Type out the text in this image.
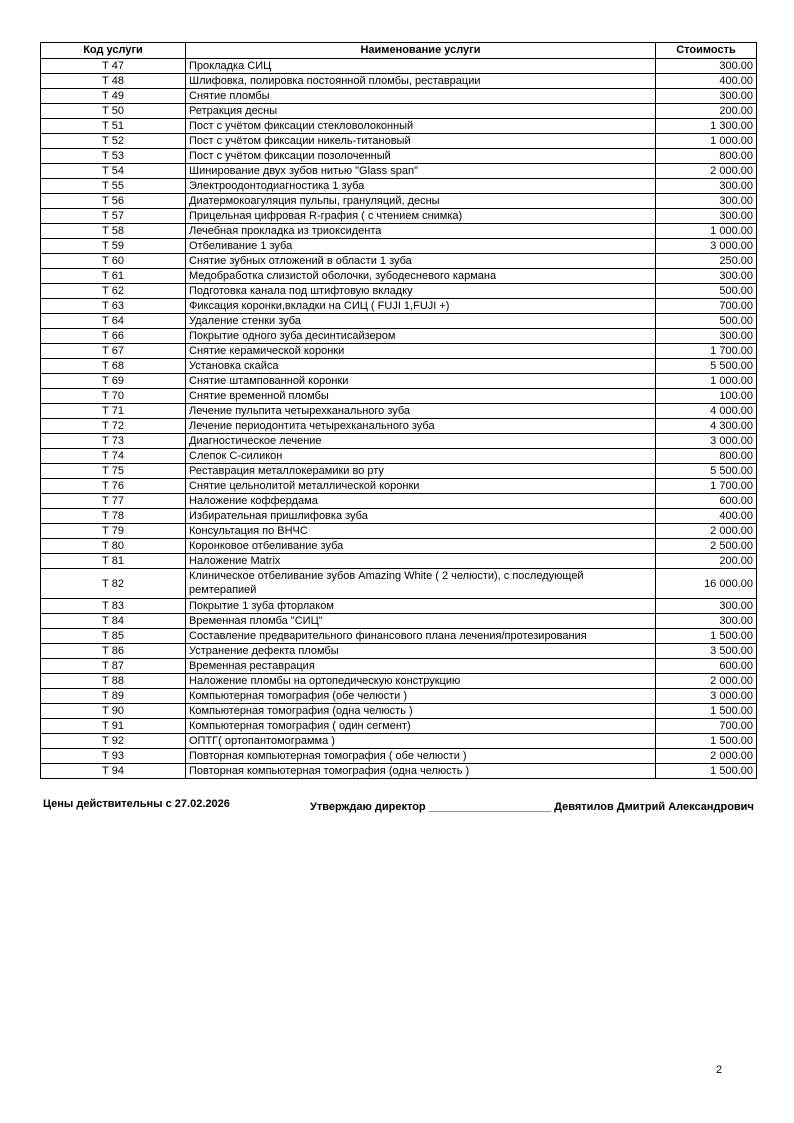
Код услуги	Наименование услуги	Стоимость
Т 47	Прокладка СИЦ	300.00
Т 48	Шлифовка, полировка постоянной пломбы, реставрации	400.00
Т 49	Снятие пломбы	300.00
Т 50	Ретракция десны	200.00
Т 51	Пост с учётом фиксации стекловолоконный	1 300.00
Т 52	Пост с учётом фиксации никель-титановый	1 000.00
Т 53	Пост с учётом фиксации позолоченный	800.00
Т 54	Шинирование двух зубов нитью "Glass span"	2 000.00
Т 55	Электроодонтодиагностика 1 зуба	300.00
Т 56	Диатермокоагуляция пульпы, грануляций, десны	300.00
Т 57	Прицельная цифровая R-графия ( с чтением снимка)	300.00
Т 58	Лечебная прокладка из триоксидента	1 000.00
Т 59	Отбеливание 1 зуба	3 000.00
Т 60	Снятие зубных отложений в области 1 зуба	250.00
Т 61	Медобработка слизистой оболочки, зубодесневого кармана	300.00
Т 62	Подготовка канала под штифтовую вкладку	500.00
Т 63	Фиксация коронки,вкладки на СИЦ ( FUJI 1,FUJI +)	700.00
Т 64	Удаление стенки зуба	500.00
Т 66	Покрытие одного зуба десинтисайзером	300.00
Т 67	Снятие керамической коронки	1 700.00
Т 68	Установка скайса	5 500.00
Т 69	Снятие штампованной коронки	1 000.00
Т 70	Снятие временной пломбы	100.00
Т 71	Лечение пульпита четырехканального зуба	4 000.00
Т 72	Лечение периодонтита четырехканального зуба	4 300.00
Т 73	Диагностическое лечение	3 000.00
Т 74	Слепок С-силикон	800.00
Т 75	Реставрация металлокерамики во рту	5 500.00
Т 76	Снятие цельнолитой металлической коронки	1 700.00
Т 77	Наложение коффердама	600.00
Т 78	Избирательная пришлифовка зуба	400.00
Т 79	Консультация по ВНЧС	2 000.00
Т 80	Коронковое отбеливание зуба	2 500.00
Т 81	Наложение Matrix	200.00
Т 82	Клиническое отбеливание зубов Amazing White ( 2 челюсти), с последующей ремтерапией	16 000.00
Т 83	Покрытие 1 зуба фторлаком	300.00
Т 84	Временная пломба "СИЦ"	300.00
Т 85	Составление предварительного финансового плана лечения/протезирования	1 500.00
Т 86	Устранение дефекта пломбы	3 500.00
Т 87	Временная реставрация	600.00
Т 88	Наложение пломбы на ортопедическую конструкцию	2 000.00
Т 89	Компьютерная томография (обе челюсти )	3 000.00
Т 90	Компьютерная томография (одна челюсть )	1 500.00
Т 91	Компьютерная томография ( один сегмент)	700.00
Т 92	ОПТГ( ортопантомограмма )	1 500.00
Т 93	Повторная компьютерная томография ( обе челюсти )	2 000.00
Т 94	Повторная компьютерная томография (одна челюсть )	1 500.00
Цены действительны с 27.02.2026	Утверждаю директор ____________________ Девятилов Дмитрий Александрович
2
